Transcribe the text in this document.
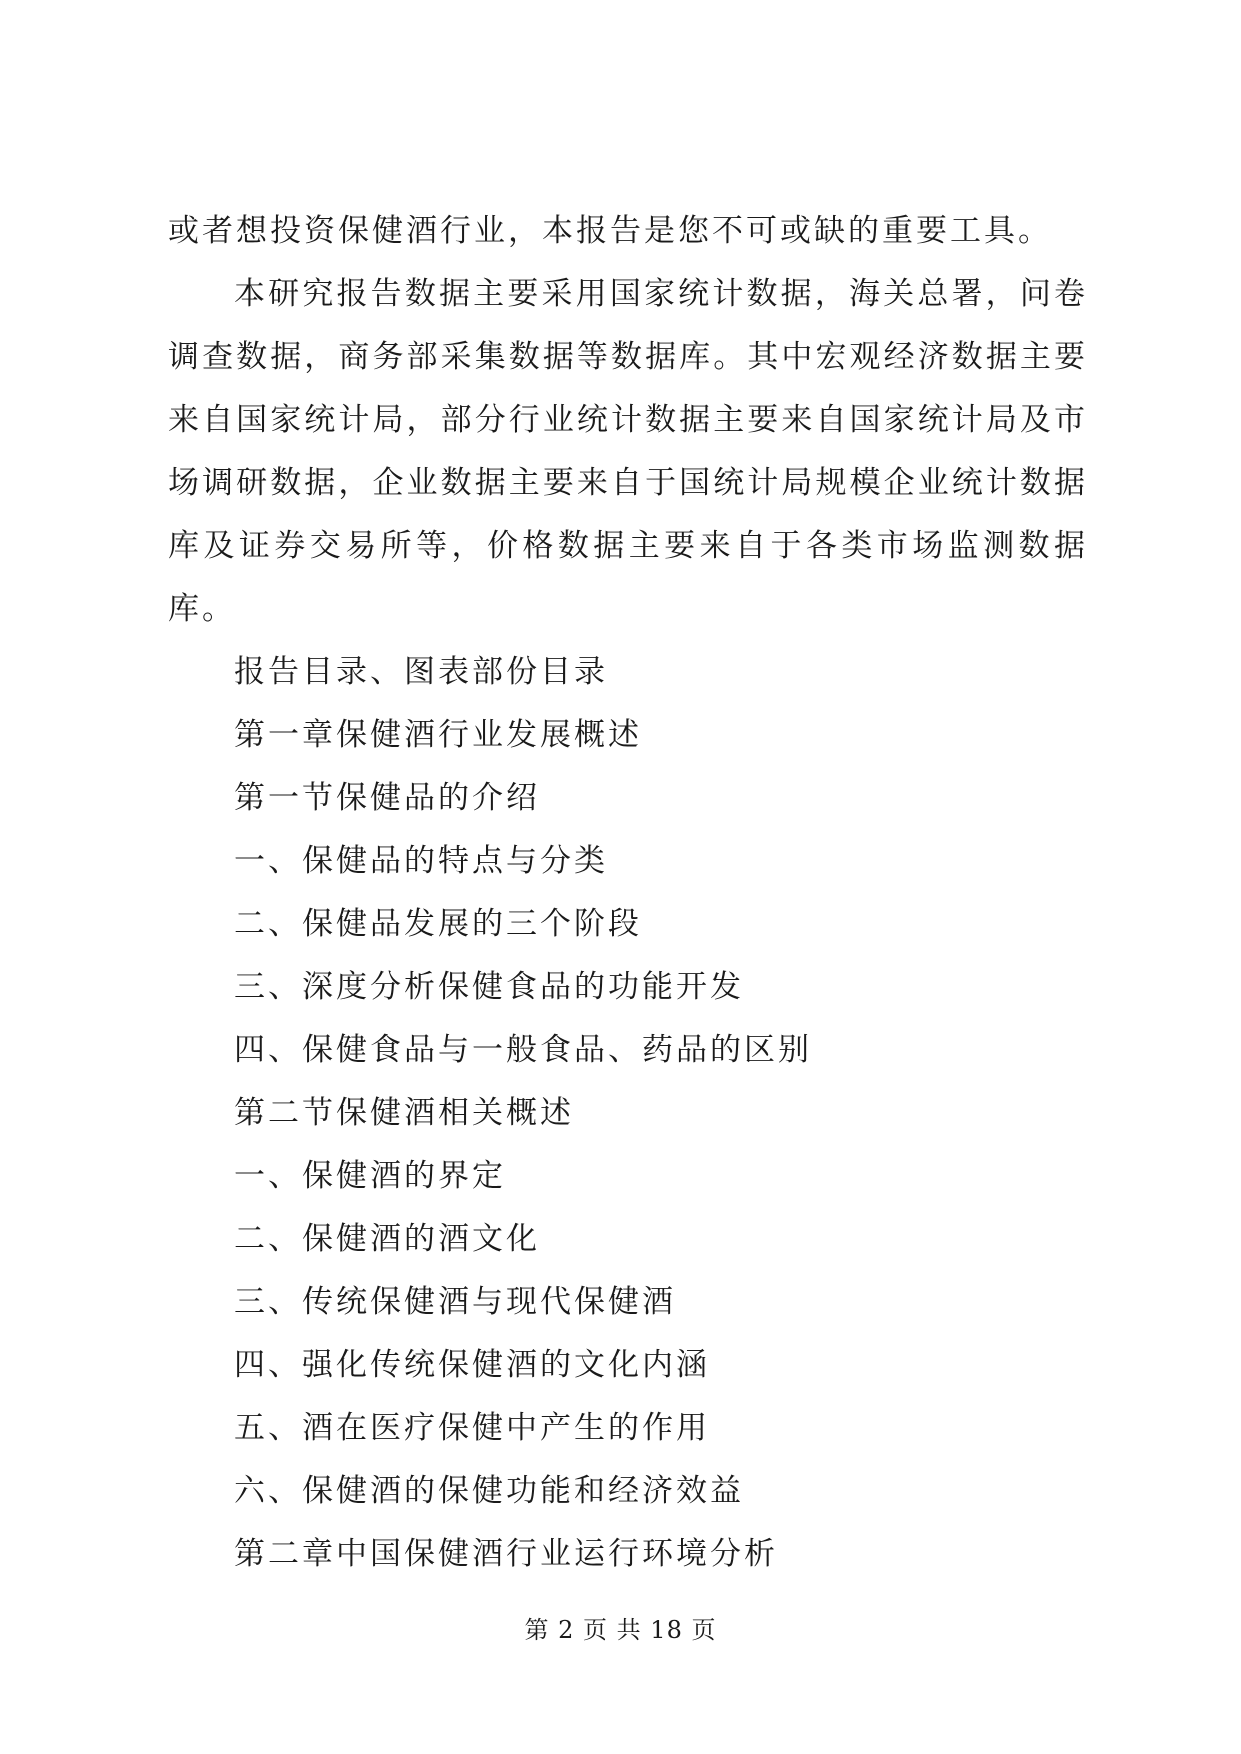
或者想投资保健酒行业，本报告是您不可或缺的重要工具。

本研究报告数据主要采用国家统计数据，海关总署，问卷调查数据，商务部采集数据等数据库。其中宏观经济数据主要来自国家统计局，部分行业统计数据主要来自国家统计局及市场调研数据，企业数据主要来自于国统计局规模企业统计数据库及证券交易所等，价格数据主要来自于各类市场监测数据库。

报告目录、图表部份目录
第一章保健酒行业发展概述
第一节保健品的介绍
一、保健品的特点与分类
二、保健品发展的三个阶段
三、深度分析保健食品的功能开发
四、保健食品与一般食品、药品的区别
第二节保健酒相关概述
一、保健酒的界定
二、保健酒的酒文化
三、传统保健酒与现代保健酒
四、强化传统保健酒的文化内涵
五、酒在医疗保健中产生的作用
六、保健酒的保健功能和经济效益
第二章中国保健酒行业运行环境分析
第 2 页 共 18 页
